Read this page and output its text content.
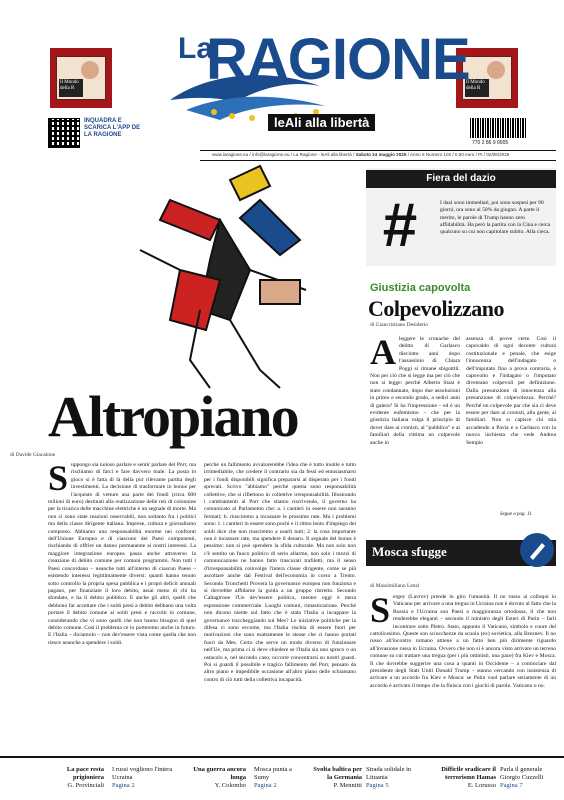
Il Mondo della R
Il Mondo della R
La
RAGIONE
leAli alla libertà
INQUADRA E SCARICA L'APP DE LA RAGIONE
770 2 86 9 0005
www.laragione.eu / info@laragione.eu / La Ragione - leAli alla libertà / Sabato 24 maggio 2025 / Anno 5 Numero 102 / 0,50 euro / PI / 02/06/2025
Altropiano
di Davide Giacalone
S uppongo sia noioso parlare e sentir parlare del Pnrr, ma rischiamo di farci e fare davvero male. La posta in gioco si è fatta di là della pur rilevante partita degli investimenti. La decisione di trasformare in bonus per l'acquisto di vetture una parte dei fondi (circa 600 milioni di euro) destinati alla realizzazione delle reti di colonnine per la ricarica delle macchine elettriche è un segnale di morte. Ma non ci sono state reazioni osservabili, non soltanto fra i politici ma della classe dirigente italiana. Imprese, cultura e giornalismo compreso. Abbiamo una responsabilità enorme nei confronti dell'Unione Europea e di ciascuno dei Paesi componenti, rischiando di offrire un danno permanente ai nostri interessi. La maggiore integrazione europea passa anche attraverso la creazione di debito comune per comuni programmi. Non tutti i Paesi concordano – neanche tutti all'interno di ciascun Paese – esistendo interessi legittimamente diversi: quanti hanno tenuto sotto controllo la propria spesa pubblica e i propri deficit annuali pagano, per finanziare il loro debito, assai meno di chi ha sfondato, e ha il debito pubblico. E anche gli altri, quelli che debbono far accettare che i soldi presi a debito debbano una volta portare il debito comune ai soldi presi e raccolti in comune, considerando che vi sono quelli che non hanno bisogno di quel debito comune. Così il problema ce lo porteremo anche in futuro. E l'Italia – diciamolo – non dev'essere vista come quella che non riesce neanche a spendere i soldi.
perché un fallimento avvalorerebbe l'idea che è tutto inutile e tutto irrimediabile, che credere il contrario sia da fessi ed entusiasmarsi per i fondi disponibili significa prepararsi al disperato per i fondi sprecati. Scrivo "abbiamo" perché questa sono responsabilità collettive, che si riflettono in collettive irresponsabilità. Illustrando i cambiamenti al Pnrr che stiamo riscrivendo, il governo ha comunicato al Parlamento che: a. i cantieri in essere non saranno fermati; b. riusciremo a incassare le prossime rate. Ma i problemi sono: 1. i cantieri in essere sono pochi e il ritmo lento d'impiego dei soldi dice che non riusciremo a usarli tutti; 2. la cosa importante non è incassare rate, ma spendere il denaro. Il segnale del bonus è pessimo: non si può spendere la sfida culturale. Ma non solo non c'è sentito un fuoco politico di serio allarme, non solo i mezzi di comunicazione ne hanno fatto trascurati trafiletti, ma il senso d'irresponsabilità coinvolge l'intera classe dirigente, come se più ascoltare anche dal Festival dell'economia in corso a Trento. Secondo Tronchetti Provera la governance europea non funziona e si dovrebbe affidarne la guida a un gruppo ristretto. Secondo Caltagirone l'Ue dev'essere politica, mentre oggi è mera espressione commerciale. Luoghi comuni, rimasticazione. Perché non dicono niente sul fatto che è stata l'Italia a incappare la governance traccheggiando sul Mes? Le iniziative politiche per la difesa ci sono eccome, ma l'Italia rischia di essere fuori per motivazioni che sono esattamente le stesse che ci hanno portati fuori da Mes. Certo che serve un modo diverso di funzionare nell'Ue, ma prima ci si deve chiedere se l'Italia sia uno spreco o un ostacolo e, nel secondo caso, occorre concentrarsi su nostri guasti. Poi si guardi il possibile e tragico fallimento del Pnrr, pensato da altro piano e impedibile occasione all'altro piano delle schiantano contro di ciò tutti della collettiva incapacità.
Fiera del dazio
#	I dazi sono immediati, poi sono sospesi per 90 giorni, ora sono al 50% da giugno. A parte il merito, le parole di Trump hanno zero affidabilità. Ha però la partita con la Cina e cerca qualcuno su cui non capitolare subito. Alla cieca.
Giustizia capovolta
Colpevolizzano
di Giancristiano Desiderio
A leggere le cronache del delitto di Garlasco dieciotto anni dopo l'assassinio di Chiara Poggi si rimane sbigottiti. Non per ciò che si legge ma per ciò che non si legge: perché Alberto Stasi è stato condannato, dopo due assoluzioni in primo e secondo grado, a sedici anni di galera? Si ha l'impressione – ed è un evidente eufemismo – che per la giustizia italiana valga il principio di dover dare ai cronisti, al "pubblico" e ai familiari della vittima un colpevole anche in
assenza di prove certe. Così il capovaldo di ogni decente cultura costituzionale e penale, che esige l'innocenza dell'indagato o dell'imputato fino a prova contraria, è capovolto e l'indagato o l'imputato diventano colpevoli per definizione. Dalla presunzione di innocenza alla presunzione di colpevolezza. Perché? Perché un colpevole par che sia ci deve essere per dare ai cronisti, alla gente, ai familiari. Non si capisce chi stia accadendo a Pavia e a Garlasco con la nuova inchiesta che vede Andrea Sempio
Segue a pag. 11
Mosca sfugge
di Massimiliano Lenzi
S ergey (Lavrov) prende in giro l'umanità. Il no russo ai colloqui in Vaticano per arrivare a una tregua in Ucraina non è dovuto al fatto che la Russia e l'Ucraina son Paesi a maggioranza ortodossa, il che non renderebbe eleganti – secondo il ministro degli Esteri di Putin – farli incontrare sotto Pietro. Stato, appunto il Vaticano, simbolo e cuore del cattolicesimo. Queste son sciocchezze da scuola (ex) sovietica, alla Breznev. Il no russo all'incontro romano attiene a un fatto ben più dirimente riguardo all'invasione russa in Ucraina. Ovvero che non si è ancora visto arrivare un terreno comune su cui trattare una tregua (per i più ottimisti, una pace) fra Kiev e Mosca. Il che dovrebbe suggerire una cosa a quanti in Occidente – a cominciare dal presidente degli Stati Uniti Donald Trump – stanno cercando con insistenza di arrivare a un accordo fra Kiev e Mosca: se Putin vuol parlare seriamente di un accordo è arrivato il tempo che la finisca con i giochi di parole. Vaticano o no.
La pace resta prigioniera
G. Provinciali
I russi vogliono l'intera Ucraina
Pagina 2
Una guerra ancora lunga
Y. Colombo
Mosca punta a Sumy
Pagina 2
Svolta baltica per la Germania
P. Mennitti
Strada solidale in Lituania
Pagina 5
Difficile sradicare il terrorismo Hamas
E. Lorusso
Parla il generale Giorgio Cuzzelli
Pagina 7
